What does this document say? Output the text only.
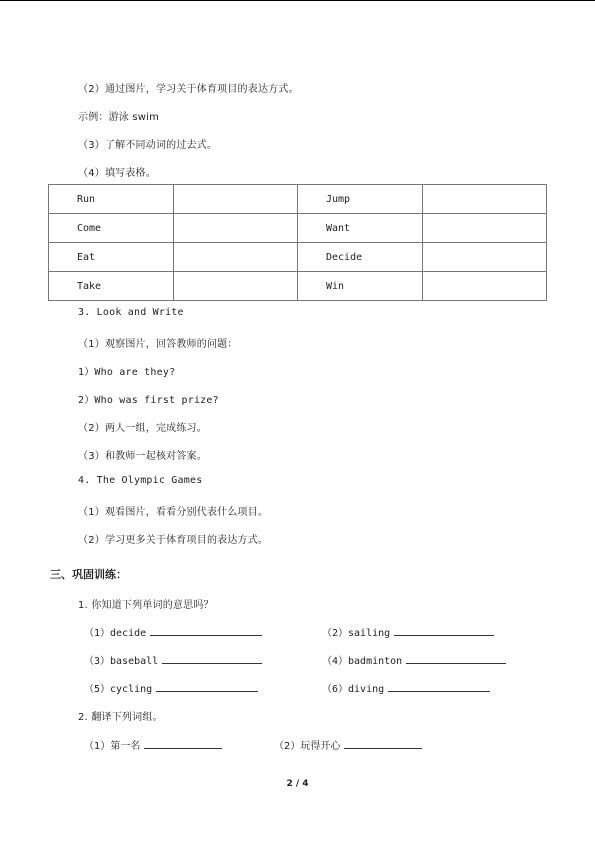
（2）通过图片，学习关于体育项目的表达方式。
示例：游泳 swim
（3）了解不同动词的过去式。
（4）填写表格。
Run		Jump	
Come		Want	
Eat		Decide	
Take		Win	
3. Look and Write
（1）观察图片，回答教师的问题：
1）Who are they?
2）Who was first prize?
（2）两人一组，完成练习。
（3）和教师一起核对答案。
4. The Olympic Games
（1）观看图片，看看分别代表什么项目。
（2）学习更多关于体育项目的表达方式。
三、巩固训练：
1. 你知道下列单词的意思吗？
（1）decide	（2）sailing
（3）baseball	（4）badminton
（5）cycling	（6）diving
2. 翻译下列词组。
（1）第一名	（2）玩得开心
2 / 4
